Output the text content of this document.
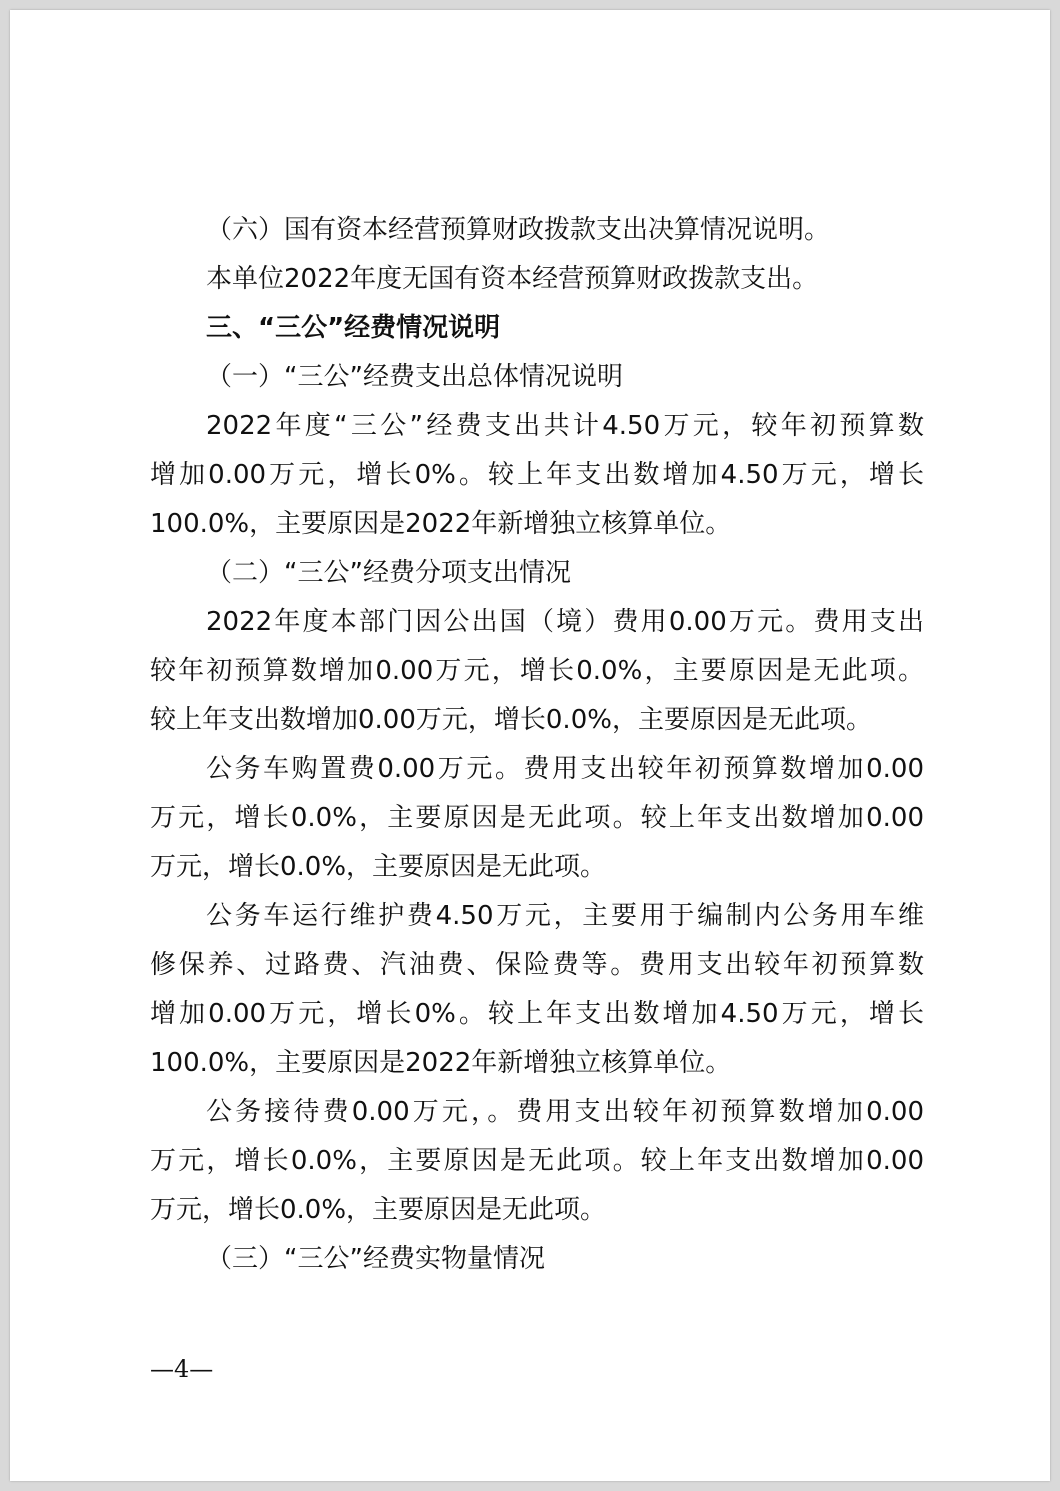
（六）国有资本经营预算财政拨款支出决算情况说明。
本单位2022年度无国有资本经营预算财政拨款支出。
三、“三公”经费情况说明
（一）“三公”经费支出总体情况说明
2022年度“三公”经费支出共计4.50万元，较年初预算数
增加0.00万元，增长0%。较上年支出数增加4.50万元，增长
100.0%，主要原因是2022年新增独立核算单位。
（二）“三公”经费分项支出情况
2022年度本部门因公出国（境）费用0.00万元。费用支出
较年初预算数增加0.00万元，增长0.0%，主要原因是无此项。
较上年支出数增加0.00万元，增长0.0%，主要原因是无此项。
公务车购置费0.00万元。费用支出较年初预算数增加0.00
万元，增长0.0%，主要原因是无此项。较上年支出数增加0.00
万元，增长0.0%，主要原因是无此项。
公务车运行维护费4.50万元，主要用于编制内公务用车维
修保养、过路费、汽油费、保险费等。费用支出较年初预算数
增加0.00万元，增长0%。较上年支出数增加4.50万元，增长
100.0%，主要原因是2022年新增独立核算单位。
公务接待费0.00万元，。费用支出较年初预算数增加0.00
万元，增长0.0%，主要原因是无此项。较上年支出数增加0.00
万元，增长0.0%，主要原因是无此项。
（三）“三公”经费实物量情况
—4—
